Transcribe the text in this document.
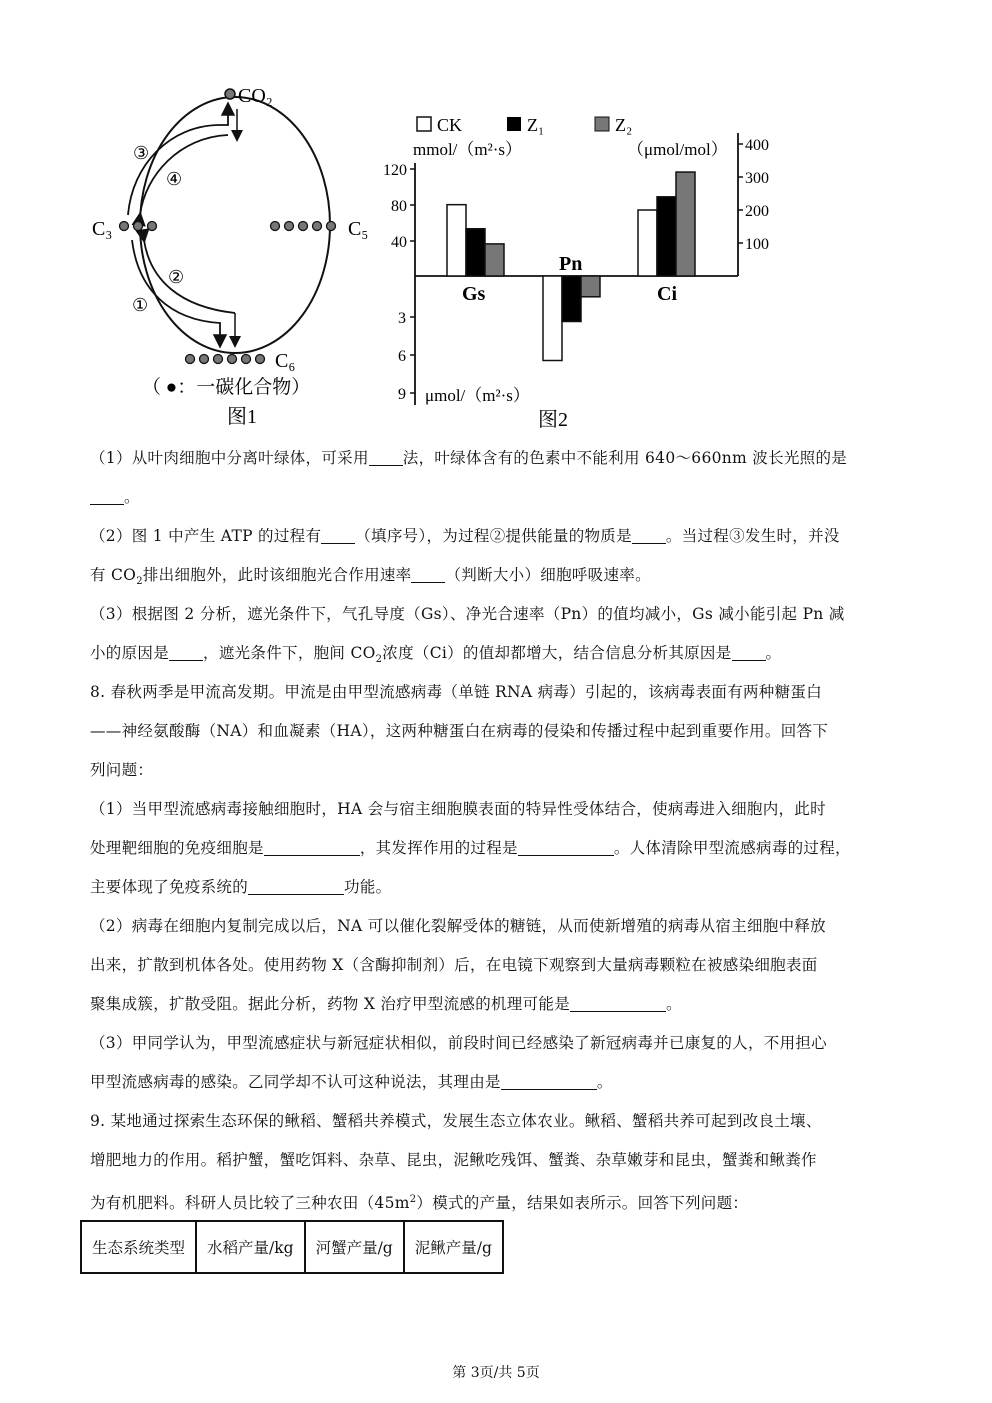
CO₂
③
④
C₃	C₅
②
①
C₆
（ ●：一碳化合物）
图1
CK	Z₁	Z₂
mmol/（m²·s）	（μmol/mol）
μmol/（m²·s）
120
80
40
3
6
9
400
300
200
100
Gs
Pn
Ci
图2
（1）从叶肉细胞中分离叶绿体，可采用 法，叶绿体含有的色素中不能利用 640～660nm 波长光照的是
。
（2）图 1 中产生 ATP 的过程有 （填序号），为过程②提供能量的物质是 。当过程③发生时，并没
有 $CO_2$排出细胞外，此时该细胞光合作用速率 （判断大小）细胞呼吸速率。
（3）根据图 2 分析，遮光条件下，气孔导度（Gs）、净光合速率（Pn）的值均减小，Gs 减小能引起 Pn 减
小的原因是 ，遮光条件下，胞间 $CO_2$浓度（Ci）的值却都增大，结合信息分析其原因是 。
8. 春秋两季是甲流高发期。甲流是由甲型流感病毒（单链 RNA 病毒）引起的，该病毒表面有两种糖蛋白
——神经氨酸酶（NA）和血凝素（HA），这两种糖蛋白在病毒的侵染和传播过程中起到重要作用。回答下
列问题：
（1）当甲型流感病毒接触细胞时，HA 会与宿主细胞膜表面的特异性受体结合，使病毒进入细胞内，此时
处理靶细胞的免疫细胞是	，其发挥作用的过程是	。人体清除甲型流感病毒的过程，
主要体现了免疫系统的	功能。
（2）病毒在细胞内复制完成以后，NA 可以催化裂解受体的糖链，从而使新增殖的病毒从宿主细胞中释放
出来，扩散到机体各处。使用药物 X（含酶抑制剂）后，在电镜下观察到大量病毒颗粒在被感染细胞表面
聚集成簇，扩散受阻。据此分析，药物 X 治疗甲型流感的机理可能是	。
（3）甲同学认为，甲型流感症状与新冠症状相似，前段时间已经感染了新冠病毒并已康复的人，不用担心
甲型流感病毒的感染。乙同学却不认可这种说法，其理由是	。
9. 某地通过探索生态环保的鳅稻、蟹稻共养模式，发展生态立体农业。鳅稻、蟹稻共养可起到改良土壤、
增肥地力的作用。稻护蟹，蟹吃饵料、杂草、昆虫，泥鳅吃残饵、蟹粪、杂草嫩芽和昆虫，蟹粪和鳅粪作
为有机肥料。科研人员比较了三种农田$(45m^2)$模式的产量，结果如表所示。回答下列问题：
生态系统类型	水稻产量/kg	河蟹产量/g	泥鳅产量/g
第 3页/共 5页
